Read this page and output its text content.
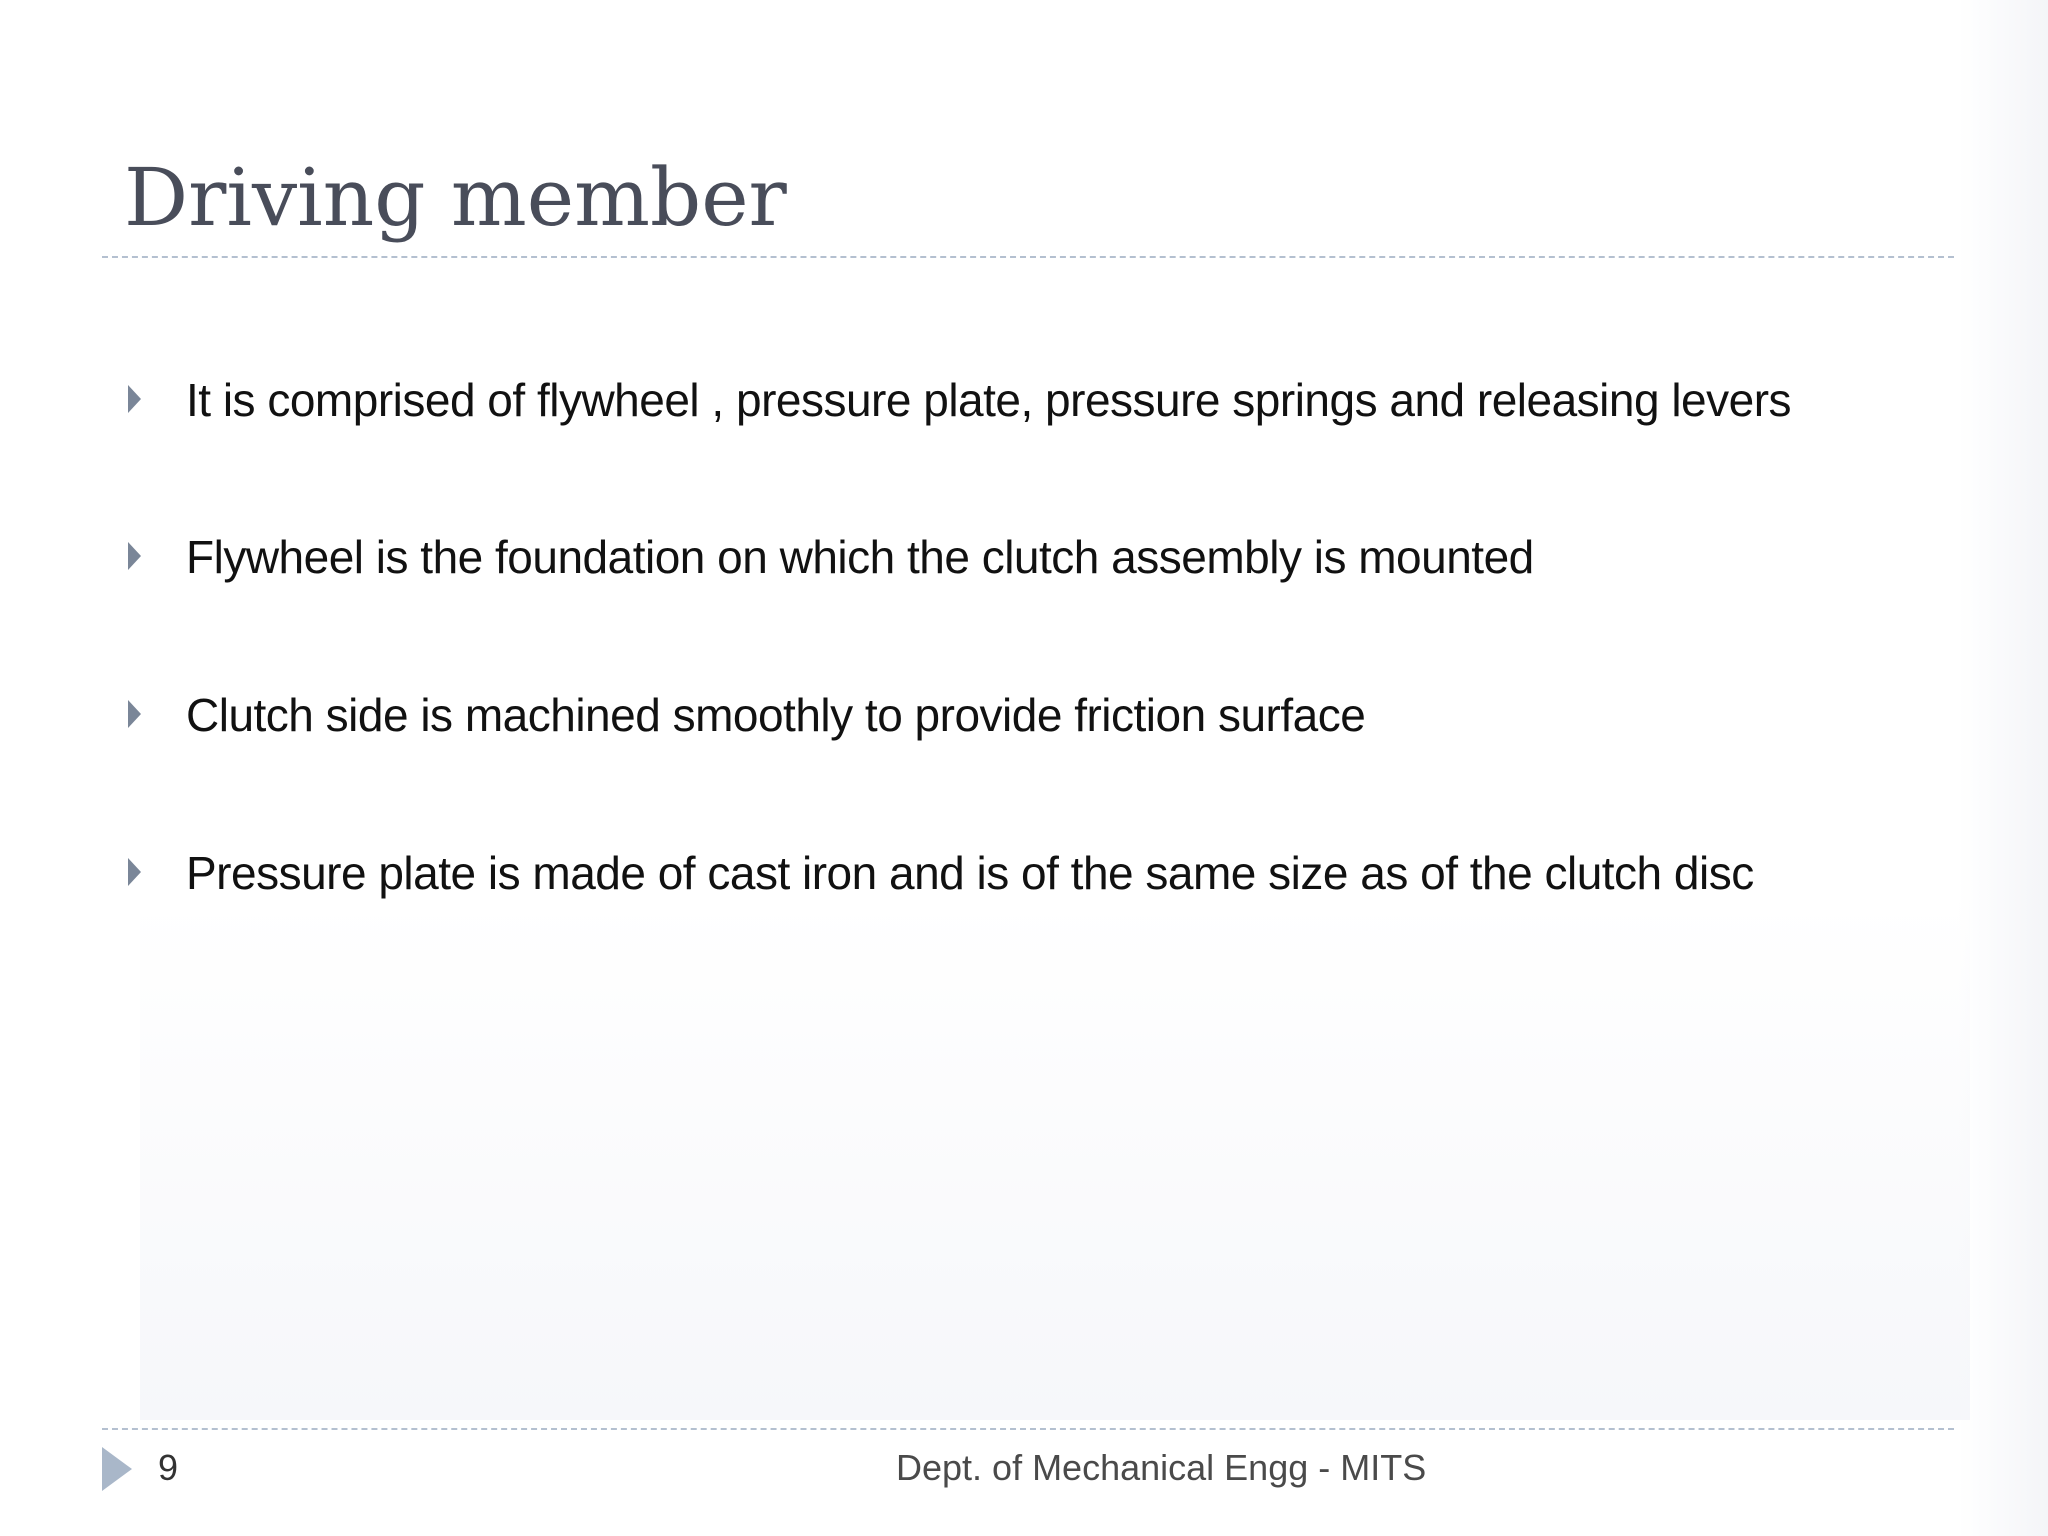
Driving member
It is comprised of flywheel , pressure plate, pressure springs and releasing levers
Flywheel is the foundation on which the clutch assembly is mounted
Clutch side is machined smoothly to provide friction surface
Pressure plate is made of cast iron and is of the same size as of the clutch disc
9	Dept. of Mechanical Engg - MITS
